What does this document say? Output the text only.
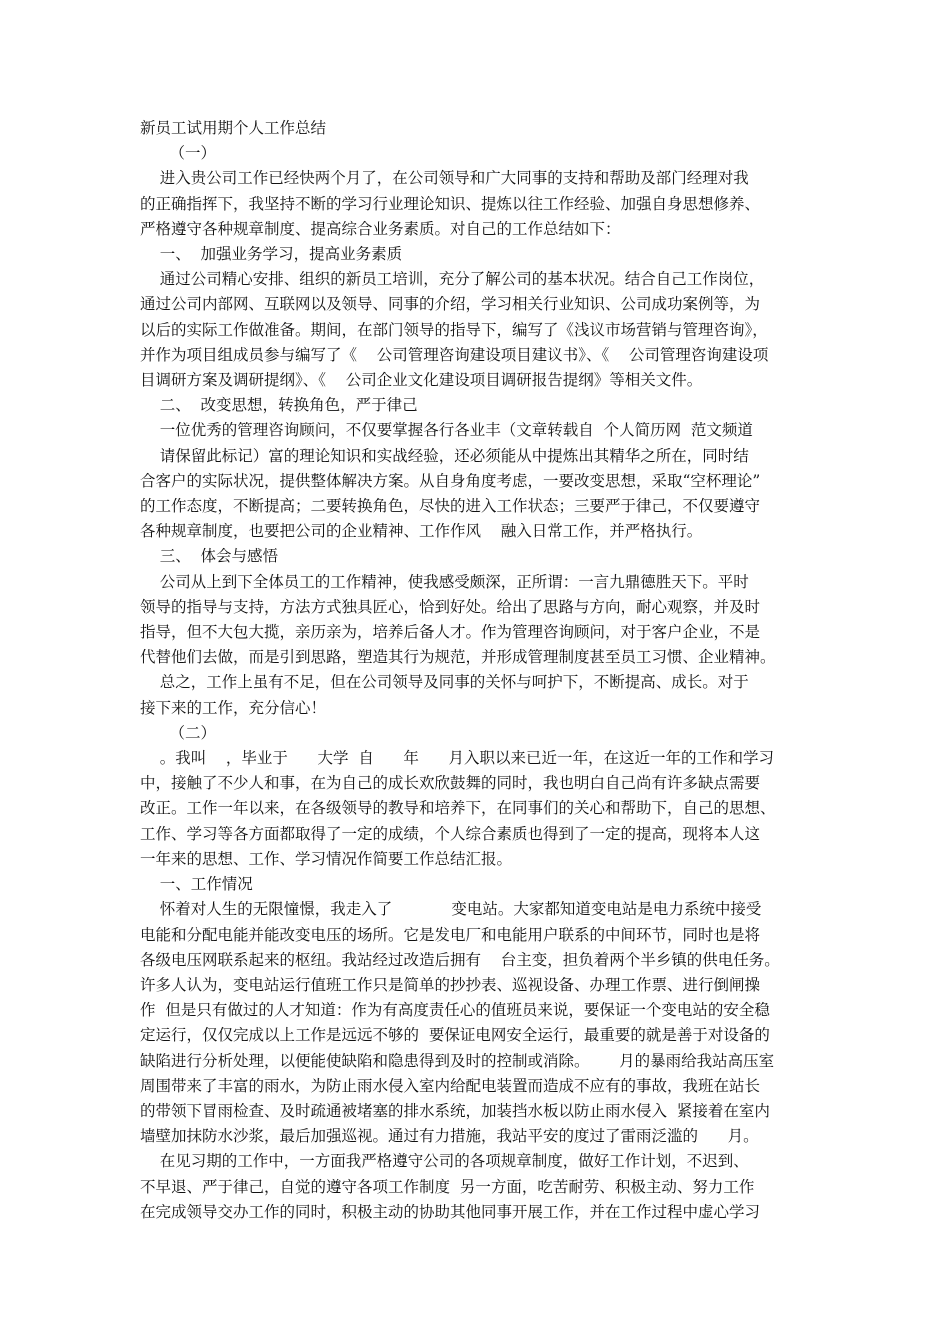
新员工试用期个人工作总结
（一）
进入贵公司工作已经快两个月了，在公司领导和广大同事的支持和帮助及部门经理对我
的正确指挥下，我坚持不断的学习行业理论知识、提炼以往工作经验、加强自身思想修养、
严格遵守各种规章制度、提高综合业务素质。对自己的工作总结如下：
一、  加强业务学习，提高业务素质
通过公司精心安排、组织的新员工培训，充分了解公司的基本状况。结合自己工作岗位，
通过公司内部网、互联网以及领导、同事的介绍，学习相关行业知识、公司成功案例等，为
以后的实际工作做准备。期间，在部门领导的指导下，编写了《浅议市场营销与管理咨询》，
并作为项目组成员参与编写了《    公司管理咨询建设项目建议书》、《    公司管理咨询建设项
目调研方案及调研提纲》、《    公司企业文化建设项目调研报告提纲》等相关文件。
二、  改变思想，转换角色，严于律己
一位优秀的管理咨询顾问，不仅要掌握各行各业丰（文章转载自  个人简历网  范文频道
请保留此标记）富的理论知识和实战经验，还必须能从中提炼出其精华之所在，同时结
合客户的实际状况，提供整体解决方案。从自身角度考虑，一要改变思想，采取“空杯理论”
的工作态度，不断提高；二要转换角色，尽快的进入工作状态；三要严于律己，不仅要遵守
各种规章制度，也要把公司的企业精神、工作作风    融入日常工作，并严格执行。
三、  体会与感悟
公司从上到下全体员工的工作精神，使我感受颇深，正所谓：一言九鼎德胜天下。平时
领导的指导与支持，方法方式独具匠心，恰到好处。给出了思路与方向，耐心观察，并及时
指导，但不大包大揽，亲历亲为，培养后备人才。作为管理咨询顾问，对于客户企业，不是
代替他们去做，而是引到思路，塑造其行为规范，并形成管理制度甚至员工习惯、企业精神。
总之，工作上虽有不足，但在公司领导及同事的关怀与呵护下，不断提高、成长。对于
接下来的工作，充分信心！
（二）
。我叫    ，毕业于      大学  自      年      月入职以来已近一年，在这近一年的工作和学习
中，接触了不少人和事，在为自己的成长欢欣鼓舞的同时，我也明白自己尚有许多缺点需要
改正。工作一年以来，在各级领导的教导和培养下，在同事们的关心和帮助下，自己的思想、
工作、学习等各方面都取得了一定的成绩，个人综合素质也得到了一定的提高，现将本人这
一年来的思想、工作、学习情况作简要工作总结汇报。
一、工作情况
怀着对人生的无限憧憬，我走入了            变电站。大家都知道变电站是电力系统中接受
电能和分配电能并能改变电压的场所。它是发电厂和电能用户联系的中间环节，同时也是将
各级电压网联系起来的枢纽。我站经过改造后拥有    台主变，担负着两个半乡镇的供电任务。
许多人认为，变电站运行值班工作只是简单的抄抄表、巡视设备、办理工作票、进行倒闸操
作  但是只有做过的人才知道：作为有高度责任心的值班员来说，要保证一个变电站的安全稳
定运行，仅仅完成以上工作是远远不够的  要保证电网安全运行，最重要的就是善于对设备的
缺陷进行分析处理，以便能使缺陷和隐患得到及时的控制或消除。      月的暴雨给我站高压室
周围带来了丰富的雨水，为防止雨水侵入室内给配电装置而造成不应有的事故，我班在站长
的带领下冒雨检查、及时疏通被堵塞的排水系统，加装挡水板以防止雨水侵入  紧接着在室内
墙壁加抹防水沙浆，最后加强巡视。通过有力措施，我站平安的度过了雷雨泛滥的      月。
在见习期的工作中，一方面我严格遵守公司的各项规章制度，做好工作计划，不迟到、
不早退、严于律己，自觉的遵守各项工作制度  另一方面，吃苦耐劳、积极主动、努力工作
在完成领导交办工作的同时，积极主动的协助其他同事开展工作，并在工作过程中虚心学习
